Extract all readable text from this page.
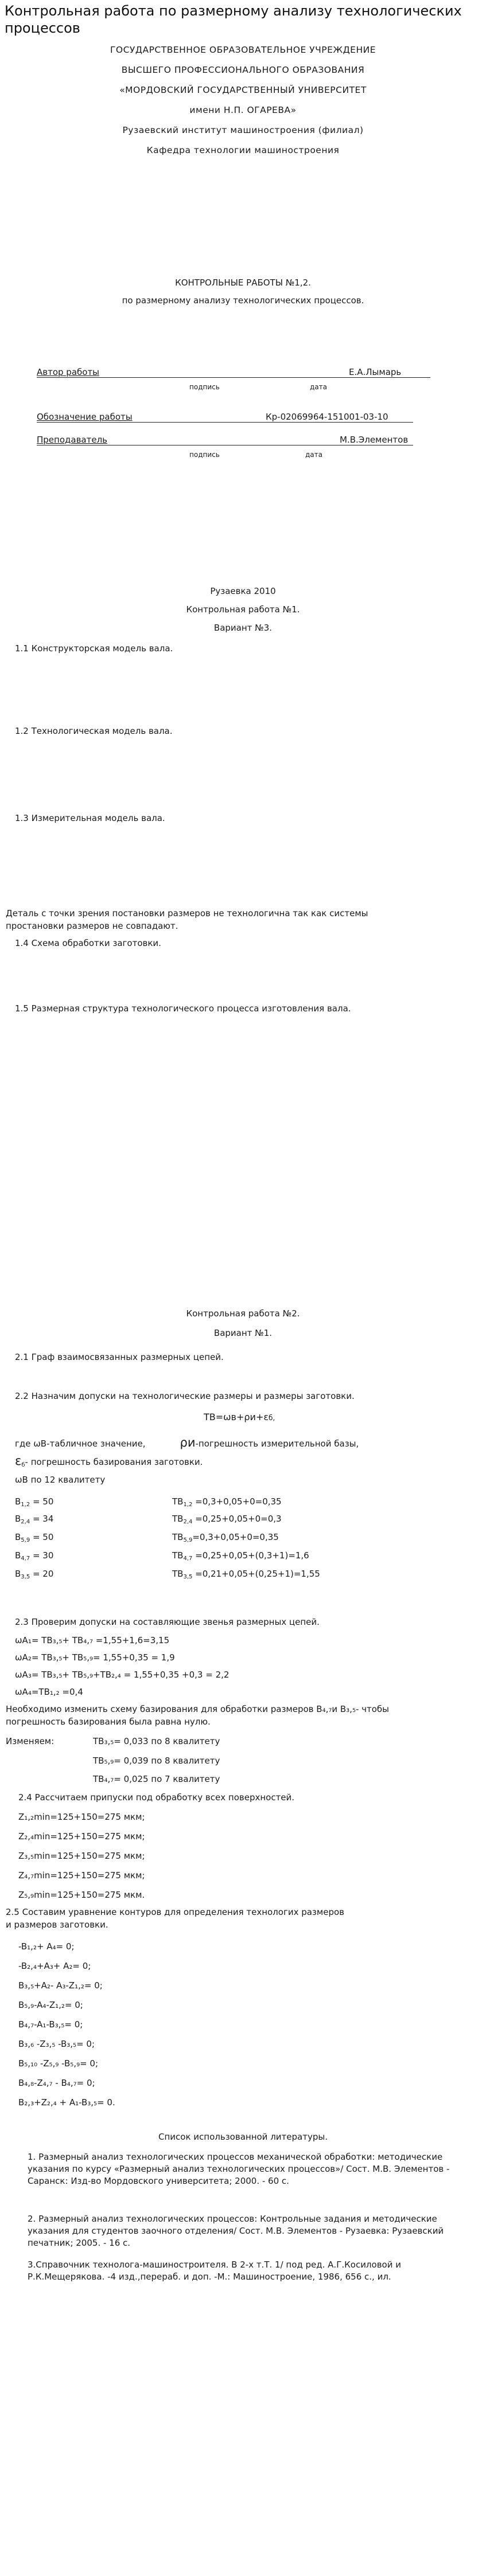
Контрольная работа по размерному анализу технологических процессов
ГОСУДАРСТВЕННОЕ ОБРАЗОВАТЕЛЬНОЕ УЧРЕЖДЕНИЕ
ВЫСШЕГО ПРОФЕССИОНАЛЬНОГО ОБРАЗОВАНИЯ
«МОРДОВСКИЙ ГОСУДАРСТВЕННЫЙ УНИВЕРСИТЕТ
имени Н.П. ОГАРЕВА»
Рузаевский институт машиностроения (филиал)
Кафедра технологии машиностроения
КОНТРОЛЬНЫЕ РАБОТЫ №1,2.
по размерному анализу технологических процессов.
Автор работы	Е.А.Лымарь
подпись	дата
Обозначение работы	Кр-02069964-151001-03-10
Преподаватель	М.В.Элементов
подпись	дата
Рузаевка 2010
Контрольная работа №1.
Вариант №3.
1.1 Конструкторская модель вала.
1.2 Технологическая модель вала.
1.3 Измерительная модель вала.
Деталь с точки зрения постановки размеров не технологична так как системы
простановки размеров не совпадают.
1.4 Схема обработки заготовки.
1.5 Размерная структура технологического процесса изготовления вала.
Контрольная работа №2.
Вариант №1.
2.1 Граф взаимосвязанных размерных цепей.
2.2 Назначим допуски на технологические размеры и размеры заготовки.
TB=ωв+ρи+εб,
где ωВ-табличное значение,	ρи-погрешность измерительной базы,
$\varepsilon_б-$ погрешность базирования заготовки.
ωВ по 12 квалитету
$B_{1,2} = 50$	$TB_{1,2} =0,3+0,05+0=0,35$
$B_{2,4} = 34$	$TB_{2,4} =0,25+0,05+0=0,3$
$B_{5,9} = 50$	$TB_{5,9}=0,3+0,05+0=0,35$
$B_{4,7} = 30$	$TB_{4,7} =0,25+0,05+(0,3+1)=1,6$
$B_{3,5} = 20$	$TB_{3,5} =0,21+0,05+(0,25+1)=1,55$
2.3 Проверим допуски на составляющие звенья размерных цепей.
ωA₁= TB₃,₅+ TB₄,₇ =1,55+1,6=3,15
ωA₂= TB₃,₅+ TB₅,₉= 1,55+0,35 = 1,9
ωA₃= TB₃,₅+ TB₅,₉+TB₂,₄ = 1,55+0,35 +0,3 = 2,2
ωA₄=TB₁,₂ =0,4
Необходимо изменить схему базирования для обработки размеров В₄,₇и В₃,₅- чтобы
погрешность базирования была равна нулю.
Изменяем:	TB₃,₅= 0,033 по 8 квалитету
TB₅,₉= 0,039 по 8 квалитету
TB₄,₇= 0,025 по 7 квалитету
2.4 Рассчитаем припуски под обработку всех поверхностей.
Z₁,₂min=125+150=275 мкм;
Z₂,₄min=125+150=275 мкм;
Z₃,₅min=125+150=275 мкм;
Z₄,₇min=125+150=275 мкм;
Z₅,₉min=125+150=275 мкм.
2.5 Составим уравнение контуров для определения технологих размеров
и размеров заготовки.
-B₁,₂+ A₄= 0;
-B₂,₄+A₃+ A₂= 0;
B₃,₅+A₂- A₃-Z₁,₂= 0;
B₅,₉-A₄-Z₁,₂= 0;
B₄,₇-A₁-B₃,₅= 0;
B₃,₆ -Z₃,₅ -B₃,₅= 0;
B₅,₁₀ -Z₅,₉ -B₅,₉= 0;
B₄,₈-Z₄,₇ - B₄,₇= 0;
B₂,₃+Z₂,₄ + A₁-B₃,₅= 0.
Список использованной литературы.
1. Размерный анализ технологических процессов механической обработки: методические указания по курсу «Размерный анализ технологических процессов»/ Сост. М.В. Элементов - Саранск: Изд-во Мордовского университета; 2000. - 60 с.
2. Размерный анализ технологических процессов: Контрольные задания и методические указания для студентов заочного отделения/ Сост. М.В. Элементов - Рузаевка: Рузаевский печатник; 2005. - 16 с.
3.Справочник технолога-машиностроителя. В 2-х т.Т. 1/ под ред. А.Г.Косиловой и Р.К.Мещерякова. -4 изд.,перераб. и доп. -М.: Машиностроение, 1986, 656 с., ил.
